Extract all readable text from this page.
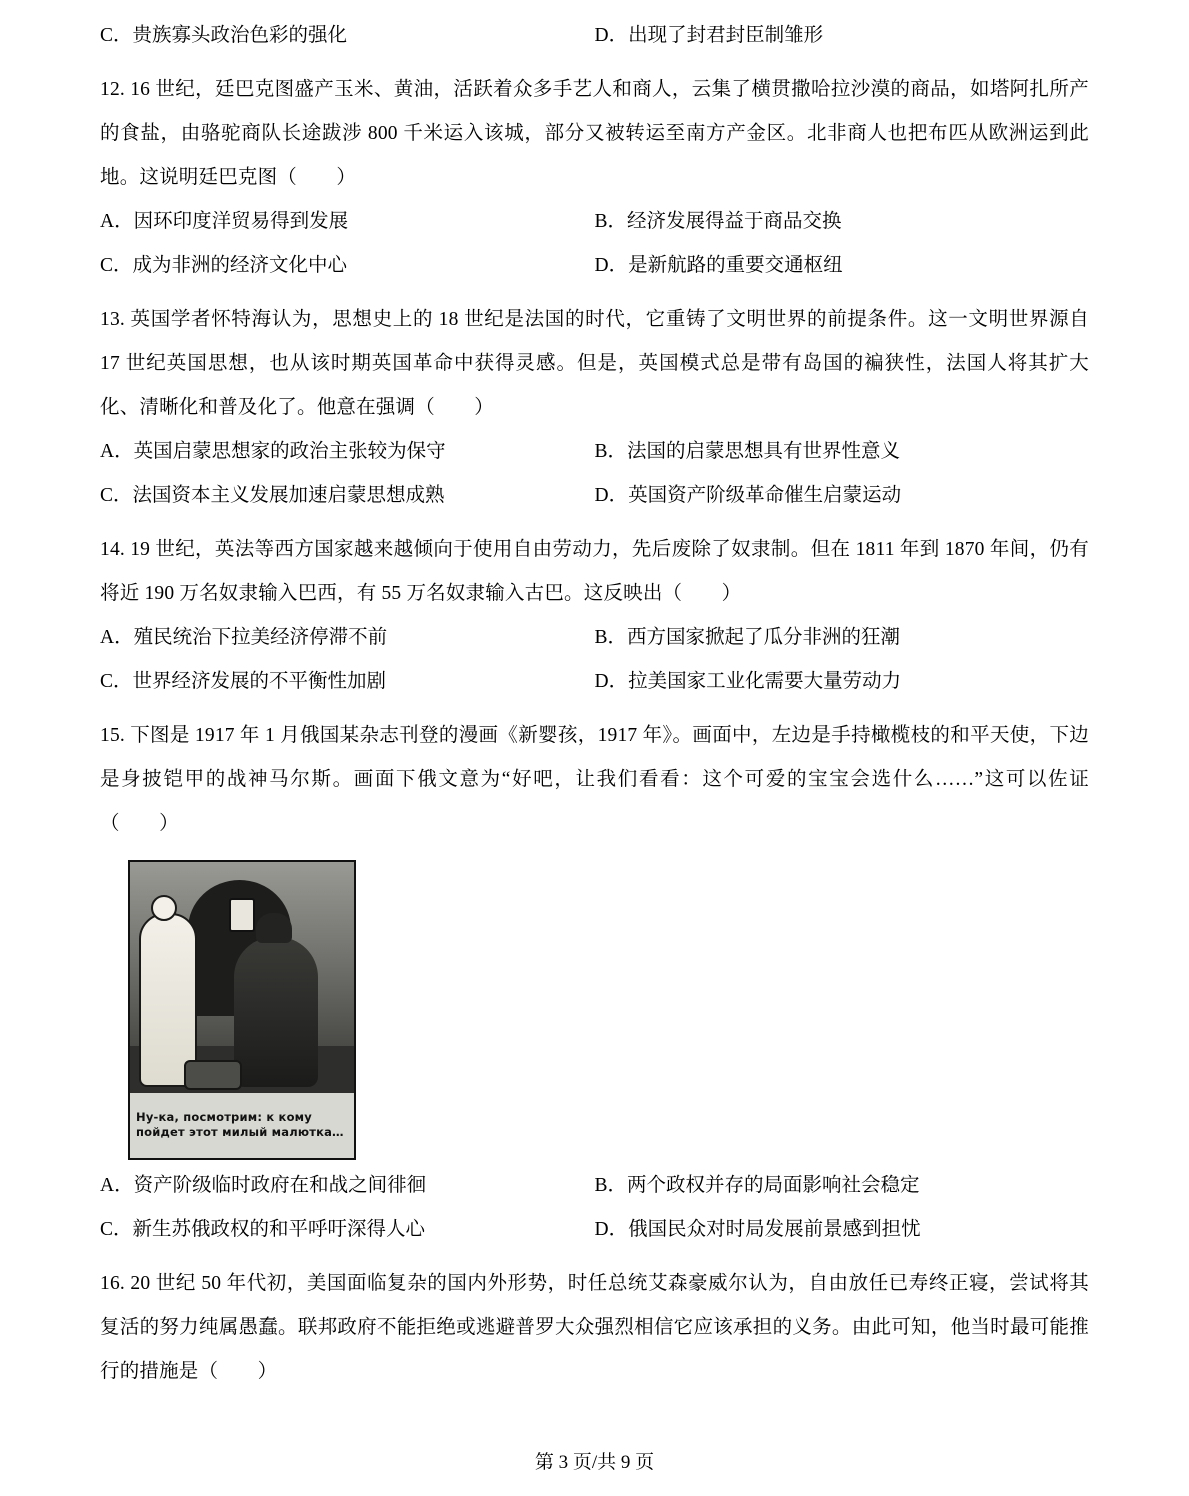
C．贵族寡头政治色彩的强化	D．出现了封君封臣制雏形

12. 16 世纪，廷巴克图盛产玉米、黄油，活跃着众多手艺人和商人，云集了横贯撒哈拉沙漠的商品，如塔阿扎所产的食盐，由骆驼商队长途跋涉 800 千米运入该城，部分又被转运至南方产金区。北非商人也把布匹从欧洲运到此地。这说明廷巴克图（　　）

A．因环印度洋贸易得到发展	B．经济发展得益于商品交换
C．成为非洲的经济文化中心	D．是新航路的重要交通枢纽

13. 英国学者怀特海认为，思想史上的 18 世纪是法国的时代，它重铸了文明世界的前提条件。这一文明世界源自 17 世纪英国思想，也从该时期英国革命中获得灵感。但是，英国模式总是带有岛国的褊狭性，法国人将其扩大化、清晰化和普及化了。他意在强调（　　）

A．英国启蒙思想家的政治主张较为保守	B．法国的启蒙思想具有世界性意义
C．法国资本主义发展加速启蒙思想成熟	D．英国资产阶级革命催生启蒙运动

14. 19 世纪，英法等西方国家越来越倾向于使用自由劳动力，先后废除了奴隶制。但在 1811 年到 1870 年间，仍有将近 190 万名奴隶输入巴西，有 55 万名奴隶输入古巴。这反映出（　　）

A．殖民统治下拉美经济停滞不前	B．西方国家掀起了瓜分非洲的狂潮
C．世界经济发展的不平衡性加剧	D．拉美国家工业化需要大量劳动力

15. 下图是 1917 年 1 月俄国某杂志刊登的漫画《新婴孩，1917 年》。画面中，左边是手持橄榄枝的和平天使，下边是身披铠甲的战神马尔斯。画面下俄文意为“好吧，让我们看看：这个可爱的宝宝会选什么……”这可以佐证（　　）

Ну-ка, посмотрим: к кому
пойдет этот милый малютка…
A．资产阶级临时政府在和战之间徘徊	B．两个政权并存的局面影响社会稳定
C．新生苏俄政权的和平呼吁深得人心	D．俄国民众对时局发展前景感到担忧

16. 20 世纪 50 年代初，美国面临复杂的国内外形势，时任总统艾森豪威尔认为，自由放任已寿终正寝，尝试将其复活的努力纯属愚蠢。联邦政府不能拒绝或逃避普罗大众强烈相信它应该承担的义务。由此可知，他当时最可能推行的措施是（　　）

第 3 页/共 9 页
